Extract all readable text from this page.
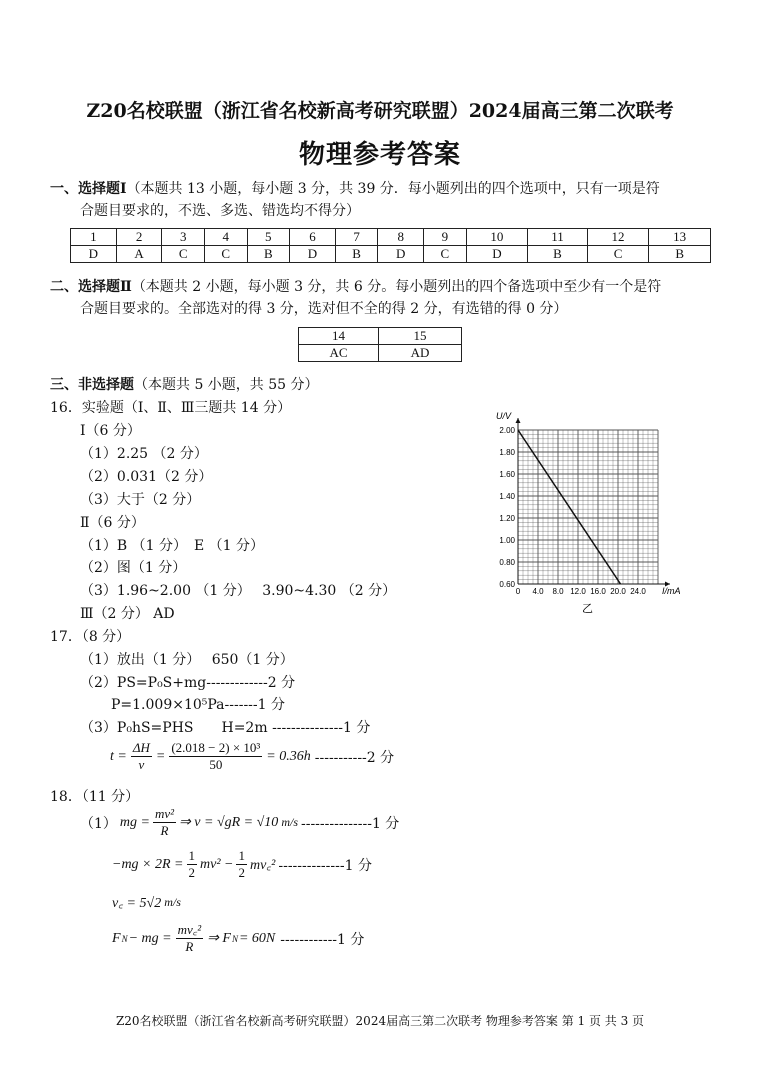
Z20名校联盟（浙江省名校新高考研究联盟）2024届高三第二次联考
物理参考答案
一、选择题Ⅰ（本题共 13 小题，每小题 3 分，共 39 分．每小题列出的四个选项中，只有一项是符
合题目要求的，不选、多选、错选均不得分）
1	2	3	4	5	6	7	8	9	10	11	12	13
D	A	C	C	B	D	B	D	C	D	B	C	B
二、选择题Ⅱ（本题共 2 小题，每小题 3 分，共 6 分。每小题列出的四个备选项中至少有一个是符
合题目要求的。全部选对的得 3 分，选对但不全的得 2 分，有选错的得 0 分）
14	15
AC	AD
三、非选择题（本题共 5 小题，共 55 分）
16．实验题（Ⅰ、Ⅱ、Ⅲ三题共 14 分）
Ⅰ（6 分）
（1）2.25 （2 分）
（2）0.031（2 分）
（3）大于（2 分）
Ⅱ（6 分）
（1）B （1 分）　E （1 分）
（2）图（1 分）
（3）1.96~2.00 （1 分）　 3.90~4.30 （2 分）
Ⅲ（2 分） AD
0.60
0.80
1.00
1.20
1.40
1.60
1.80
2.00
0 4.0 8.0 12.0 16.0 20.0 24.0
U/V
I/mA
乙
17．（8 分）
（1）放出（1 分）　 650（1 分）
（2）PS=P₀S+mg-------------2 分
P=1.009×10⁵Pa-------1 分
（3）P₀hS=PHS　　H=2m ---------------1 分
$t = \frac{\Delta H}{v} = \frac{\text{(2.018 − 2) × 10³}}{50} = 0.36h$ -----------2 分
18．（11 分）
（1） mg = $\frac{\text{mv²}}{R}$ ⇒ v = √gR = √10 m/s ---------------1 分
$-mg \times 2R = \frac{1}{2} mv^2 - \frac{1}{2}$ mv꜀² --------------1 分
v꜀ = 5√2 m/s
F N − mg = $\frac{\text{mv꜀²}}{R}$ ⇒ F N = 60N ------------1 分
Z20名校联盟（浙江省名校新高考研究联盟）2024届高三第二次联考 物理参考答案 第 1 页 共 3 页
